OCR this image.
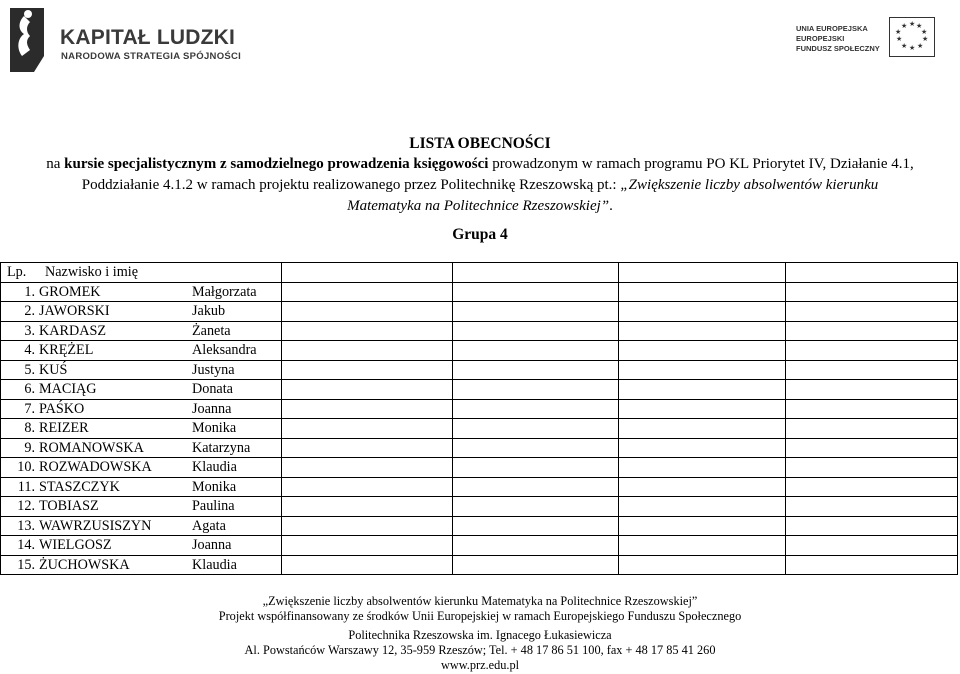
KAPITAŁ LUDZKI
NARODOWA STRATEGIA SPÓJNOŚCI
UNIA EUROPEJSKA
EUROPEJSKI
FUNDUSZ SPOŁECZNY
★ ★
★
★
★
★
★
★
★
★
LISTA OBECNOŚCI
na kursie specjalistycznym z samodzielnego prowadzenia księgowości prowadzonym w ramach programu PO KL Priorytet IV, Działanie 4.1,
Poddziałanie 4.1.2 w ramach projektu realizowanego przez Politechnikę Rzeszowską pt.: „Zwiększenie liczby absolwentów kierunku
Matematyka na Politechnice Rzeszowskiej”.
Grupa 4
Lp. Nazwisko i imię				
1. GROMEK Małgorzata				
2. JAWORSKI Jakub				
3. KARDASZ Żaneta				
4. KRĘŻEL Aleksandra				
5. KUŚ Justyna				
6. MACIĄG Donata				
7. PAŚKO Joanna				
8. REIZER Monika				
9. ROMANOWSKA Katarzyna				
10. ROZWADOWSKA Klaudia				
11. STASZCZYK Monika				
12. TOBIASZ Paulina				
13. WAWRZUSISZYN Agata				
14. WIELGOSZ Joanna				
15. ŻUCHOWSKA Klaudia				
„Zwiększenie liczby absolwentów kierunku Matematyka na Politechnice Rzeszowskiej”
Projekt współfinansowany ze środków Unii Europejskiej w ramach Europejskiego Funduszu Społecznego
Politechnika Rzeszowska im. Ignacego Łukasiewicza
Al. Powstańców Warszawy 12, 35-959 Rzeszów; Tel. + 48 17 86 51 100, fax + 48 17 85 41 260
www.prz.edu.pl
